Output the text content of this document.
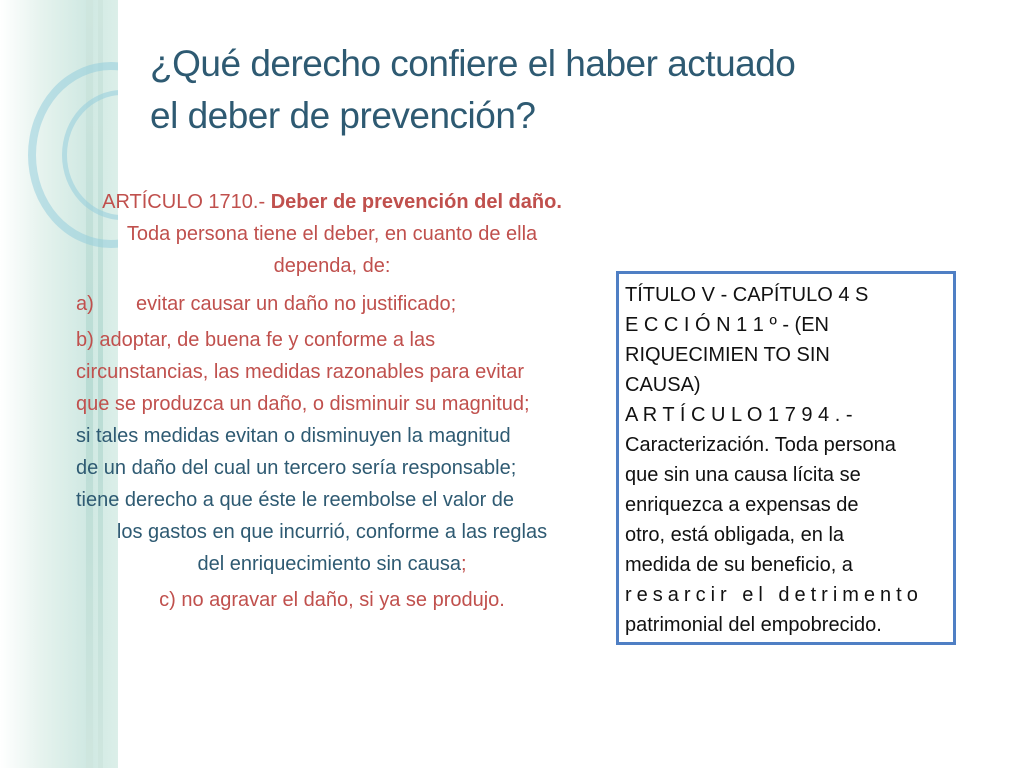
¿Qué derecho confiere el haber actuado
el deber de prevención?
ARTÍCULO 1710.- Deber de prevención del daño.
Toda persona tiene el deber, en cuanto de ella
dependa, de:
a) evitar causar un daño no justificado;
b) adoptar, de buena fe y conforme a las
circunstancias, las medidas razonables para evitar
que se produzca un daño, o disminuir su magnitud;
si tales medidas evitan o disminuyen la magnitud
de un daño del cual un tercero sería responsable;
tiene derecho a que éste le reembolse el valor de
los gastos en que incurrió, conforme a las reglas
del enriquecimiento sin causa;
c) no agravar el daño, si ya se produjo.
TÍTULO V - CAPÍTULO 4 S
E C C I Ó N 1 1 º - (EN
RIQUECIMIEN TO SIN
CAUSA)
A R T Í C U L O 1 7 9 4 . -
Caracterización. Toda persona
que sin una causa lícita se
enriquezca a expensas de
otro, está obligada, en la
medida de su beneficio, a
resarcir el detrimento
patrimonial del empobrecido.
